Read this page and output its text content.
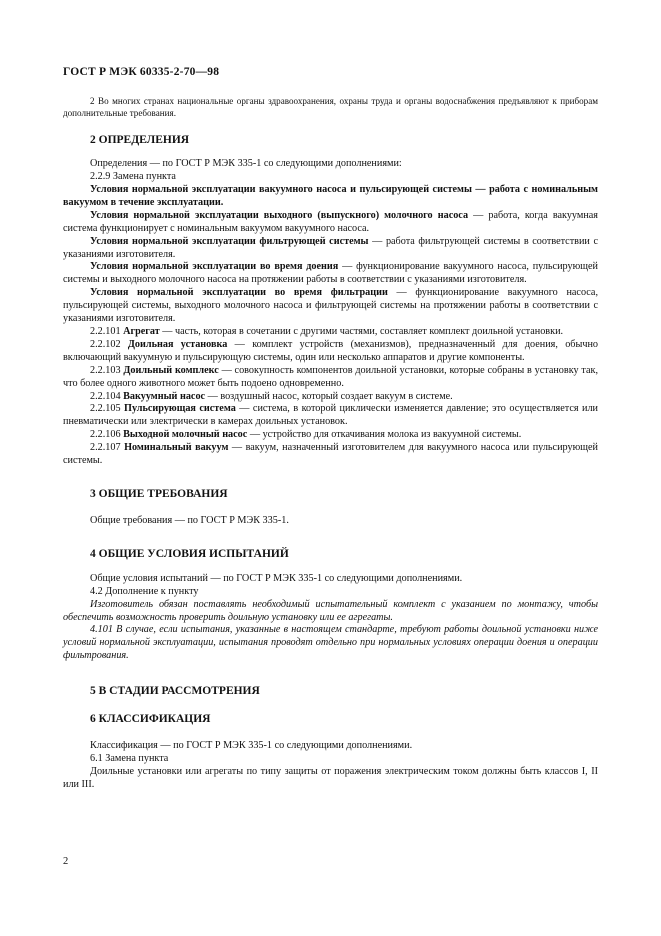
ГОСТ Р МЭК 60335-2-70—98

2 Во многих странах национальные органы здравоохранения, охраны труда и органы водоснабжения предъявляют к приборам дополнительные требования.

2 ОПРЕДЕЛЕНИЯ

Определения — по ГОСТ Р МЭК 335-1 со следующими дополнениями:

2.2.9 Замена пункта

Условия нормальной эксплуатации вакуумного насоса и пульсирующей системы — работа с номинальным вакуумом в течение эксплуатации.

Условия нормальной эксплуатации выходного (выпускного) молочного насоса — работа, когда вакуумная система функционирует с номинальным вакуумом вакуумного насоса.

Условия нормальной эксплуатации фильтрующей системы — работа фильтрующей системы в соответствии с указаниями изготовителя.

Условия нормальной эксплуатации во время доения — функционирование вакуумного насоса, пульсирующей системы и выходного молочного насоса на протяжении работы в соответствии с указаниями изготовителя.

Условия нормальной эксплуатации во время фильтрации — функционирование вакуумного насоса, пульсирующей системы, выходного молочного насоса и фильтрующей системы на протяжении работы в соответствии с указаниями изготовителя.

2.2.101 Агрегат — часть, которая в сочетании с другими частями, составляет комплект доильной установки.

2.2.102 Доильная установка — комплект устройств (механизмов), предназначенный для доения, обычно включающий вакуумную и пульсирующую системы, один или несколько аппаратов и другие компоненты.

2.2.103 Доильный комплекс — совокупность компонентов доильной установки, которые собраны в установку так, что более одного животного может быть подоено одновременно.

2.2.104 Вакуумный насос — воздушный насос, который создает вакуум в системе.

2.2.105 Пульсирующая система — система, в которой циклически изменяется давление; это осуществляется или пневматически или электрически в камерах доильных установок.

2.2.106 Выходной молочный насос — устройство для откачивания молока из вакуумной системы.

2.2.107 Номинальный вакуум — вакуум, назначенный изготовителем для вакуумного насоса или пульсирующей системы.

3 ОБЩИЕ ТРЕБОВАНИЯ

Общие требования — по ГОСТ Р МЭК 335-1.

4 ОБЩИЕ УСЛОВИЯ ИСПЫТАНИЙ

Общие условия испытаний — по ГОСТ Р МЭК 335-1 со следующими дополнениями.

4.2 Дополнение к пункту

Изготовитель обязан поставлять необходимый испытательный комплект с указанием по монтажу, чтобы обеспечить возможность проверить доильную установку или ее агрегаты.

4.101 В случае, если испытания, указанные в настоящем стандарте, требуют работы доильной установки ниже условий нормальной эксплуатации, испытания проводят отдельно при нормальных условиях операции доения и операции фильтрования.

5 В СТАДИИ РАССМОТРЕНИЯ

6 КЛАССИФИКАЦИЯ

Классификация — по ГОСТ Р МЭК 335-1 со следующими дополнениями.

6.1 Замена пункта

Доильные установки или агрегаты по типу защиты от поражения электрическим током должны быть классов I, II или III.

2
